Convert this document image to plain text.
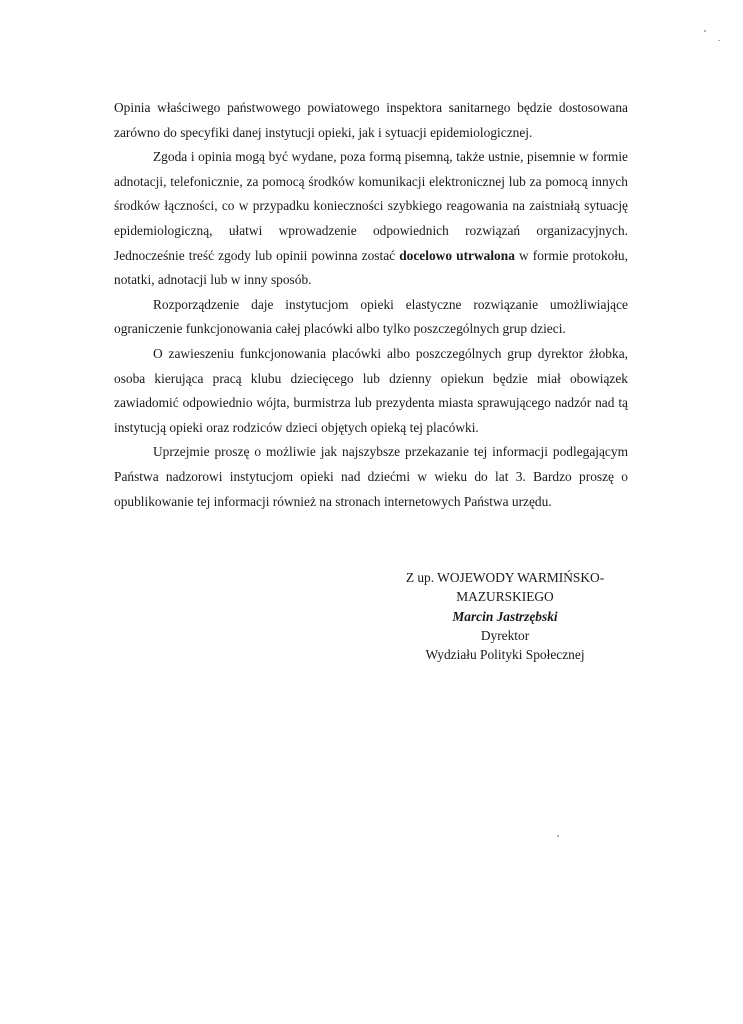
Opinia właściwego państwowego powiatowego inspektora sanitarnego będzie dostosowana zarówno do specyfiki danej instytucji opieki, jak i sytuacji epidemiologicznej.

Zgoda i opinia mogą być wydane, poza formą pisemną, także ustnie, pisemnie w formie adnotacji, telefonicznie, za pomocą środków komunikacji elektronicznej lub za pomocą innych środków łączności, co w przypadku konieczności szybkiego reagowania na zaistniałą sytuację epidemiologiczną, ułatwi wprowadzenie odpowiednich rozwiązań organizacyjnych. Jednocześnie treść zgody lub opinii powinna zostać docelowo utrwalona w formie protokołu, notatki, adnotacji lub w inny sposób.

Rozporządzenie daje instytucjom opieki elastyczne rozwiązanie umożliwiające ograniczenie funkcjonowania całej placówki albo tylko poszczególnych grup dzieci.

O zawieszeniu funkcjonowania placówki albo poszczególnych grup dyrektor żłobka, osoba kierująca pracą klubu dziecięcego lub dzienny opiekun będzie miał obowiązek zawiadomić odpowiednio wójta, burmistrza lub prezydenta miasta sprawującego nadzór nad tą instytucją opieki oraz rodziców dzieci objętych opieką tej placówki.

Uprzejmie proszę o możliwie jak najszybsze przekazanie tej informacji podlegającym Państwa nadzorowi instytucjom opieki nad dziećmi w wieku do lat 3. Bardzo proszę o opublikowanie tej informacji również na stronach internetowych Państwa urzędu.

Z up. WOJEWODY WARMIŃSKO-
MAZURSKIEGO
Marcin Jastrzębski
Dyrektor
Wydziału Polityki Społecznej
